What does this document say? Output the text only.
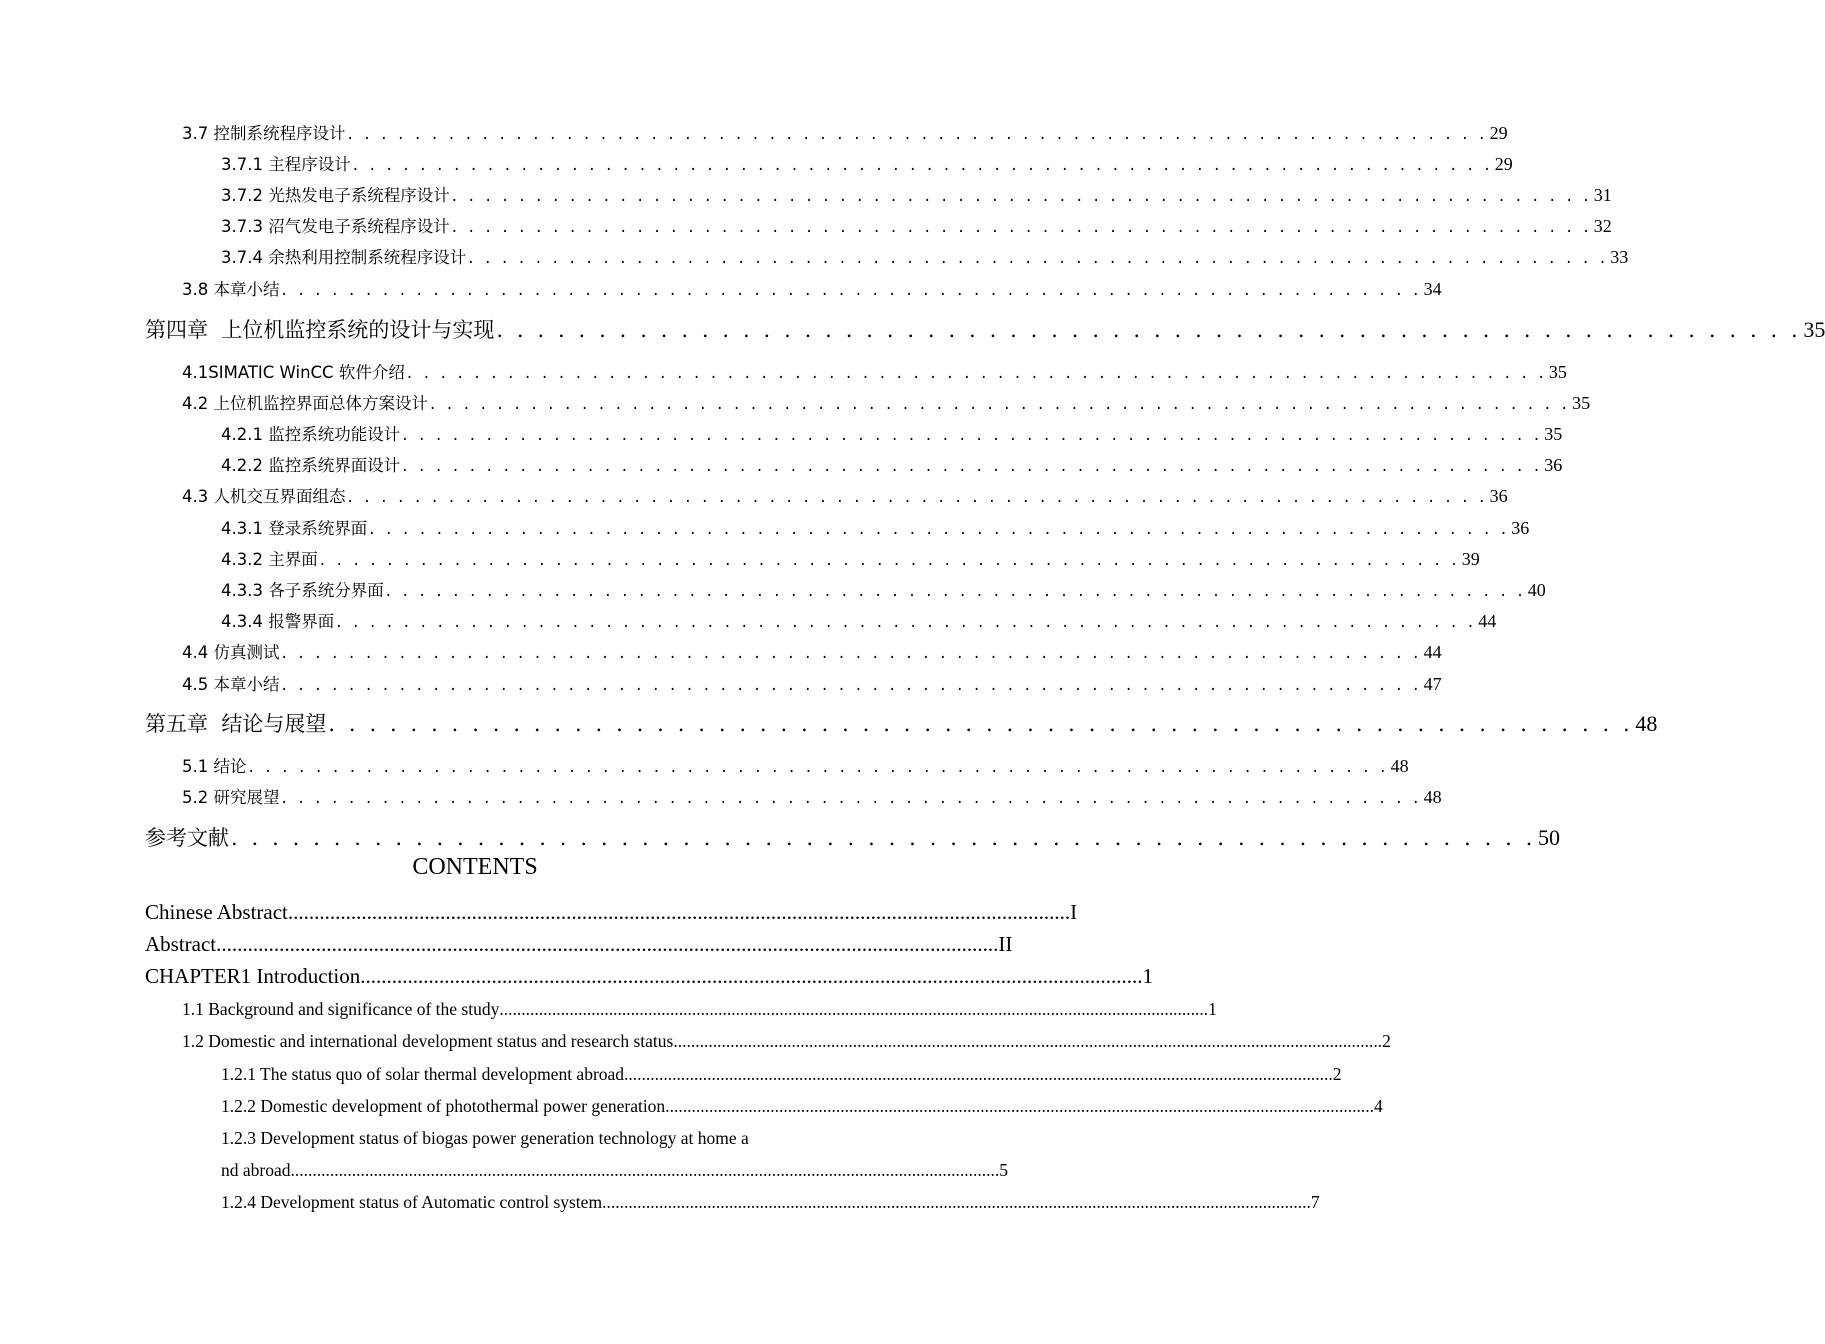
3.7 控制系统程序设计 . . . . . . . . . . . . . . . . . . . . . . . . . . . . . . . . . . . . . . . . . . . . . . . . . . . . . . . . . . . . . . . . . . . . 29
3.7.1 主程序设计 . . . . . . . . . . . . . . . . . . . . . . . . . . . . . . . . . . . . . . . . . . . . . . . . . . . . . . . . . . . . . . . . . . . . 29
3.7.2 光热发电子系统程序设计 . . . . . . . . . . . . . . . . . . . . . . . . . . . . . . . . . . . . . . . . . . . . . . . . . . . . . . . . . . . . . . . . . . . . 31
3.7.3 沼气发电子系统程序设计 . . . . . . . . . . . . . . . . . . . . . . . . . . . . . . . . . . . . . . . . . . . . . . . . . . . . . . . . . . . . . . . . . . . . 32
3.7.4 余热利用控制系统程序设计 . . . . . . . . . . . . . . . . . . . . . . . . . . . . . . . . . . . . . . . . . . . . . . . . . . . . . . . . . . . . . . . . . . . . 33
3.8 本章小结 . . . . . . . . . . . . . . . . . . . . . . . . . . . . . . . . . . . . . . . . . . . . . . . . . . . . . . . . . . . . . . . . . . . . 34
第四章 上位机监控系统的设计与实现 . . . . . . . . . . . . . . . . . . . . . . . . . . . . . . . . . . . . . . . . . . . . . . . . . . . . . . . . . . . . . . . . 35
4.1SIMATIC WinCC 软件介绍 . . . . . . . . . . . . . . . . . . . . . . . . . . . . . . . . . . . . . . . . . . . . . . . . . . . . . . . . . . . . . . . . . . . . 35
4.2 上位机监控界面总体方案设计 . . . . . . . . . . . . . . . . . . . . . . . . . . . . . . . . . . . . . . . . . . . . . . . . . . . . . . . . . . . . . . . . . . . . 35
4.2.1 监控系统功能设计 . . . . . . . . . . . . . . . . . . . . . . . . . . . . . . . . . . . . . . . . . . . . . . . . . . . . . . . . . . . . . . . . . . . . 35
4.2.2 监控系统界面设计 . . . . . . . . . . . . . . . . . . . . . . . . . . . . . . . . . . . . . . . . . . . . . . . . . . . . . . . . . . . . . . . . . . . . 36
4.3 人机交互界面组态 . . . . . . . . . . . . . . . . . . . . . . . . . . . . . . . . . . . . . . . . . . . . . . . . . . . . . . . . . . . . . . . . . . . . 36
4.3.1 登录系统界面 . . . . . . . . . . . . . . . . . . . . . . . . . . . . . . . . . . . . . . . . . . . . . . . . . . . . . . . . . . . . . . . . . . . . 36
4.3.2 主界面 . . . . . . . . . . . . . . . . . . . . . . . . . . . . . . . . . . . . . . . . . . . . . . . . . . . . . . . . . . . . . . . . . . . . 39
4.3.3 各子系统分界面 . . . . . . . . . . . . . . . . . . . . . . . . . . . . . . . . . . . . . . . . . . . . . . . . . . . . . . . . . . . . . . . . . . . . 40
4.3.4 报警界面 . . . . . . . . . . . . . . . . . . . . . . . . . . . . . . . . . . . . . . . . . . . . . . . . . . . . . . . . . . . . . . . . . . . . 44
4.4 仿真测试 . . . . . . . . . . . . . . . . . . . . . . . . . . . . . . . . . . . . . . . . . . . . . . . . . . . . . . . . . . . . . . . . . . . . 44
4.5 本章小结 . . . . . . . . . . . . . . . . . . . . . . . . . . . . . . . . . . . . . . . . . . . . . . . . . . . . . . . . . . . . . . . . . . . . 47
第五章 结论与展望 . . . . . . . . . . . . . . . . . . . . . . . . . . . . . . . . . . . . . . . . . . . . . . . . . . . . . . . . . . . . . . . . 48
5.1 结论 . . . . . . . . . . . . . . . . . . . . . . . . . . . . . . . . . . . . . . . . . . . . . . . . . . . . . . . . . . . . . . . . . . . . 48
5.2 研究展望 . . . . . . . . . . . . . . . . . . . . . . . . . . . . . . . . . . . . . . . . . . . . . . . . . . . . . . . . . . . . . . . . . . . . 48
参考文献 . . . . . . . . . . . . . . . . . . . . . . . . . . . . . . . . . . . . . . . . . . . . . . . . . . . . . . . . . . . . . . . . 50
CONTENTS
Chinese Abstract ..................................................................................................................................................... I
Abstract ..................................................................................................................................................... II
CHAPTER1 Introduction ..................................................................................................................................................... 1
1.1 Background and significance of the study .................................................................................................................................................................. 1
1.2 Domestic and international development status and research status .................................................................................................................................................................. 2
1.2.1 The status quo of solar thermal development abroad .................................................................................................................................................................. 2
1.2.2 Domestic development of photothermal power generation .................................................................................................................................................................. 4
1.2.3 Development status of biogas power generation technology at home a
nd abroad .................................................................................................................................................................. 5
1.2.4 Development status of Automatic control system .................................................................................................................................................................. 7
